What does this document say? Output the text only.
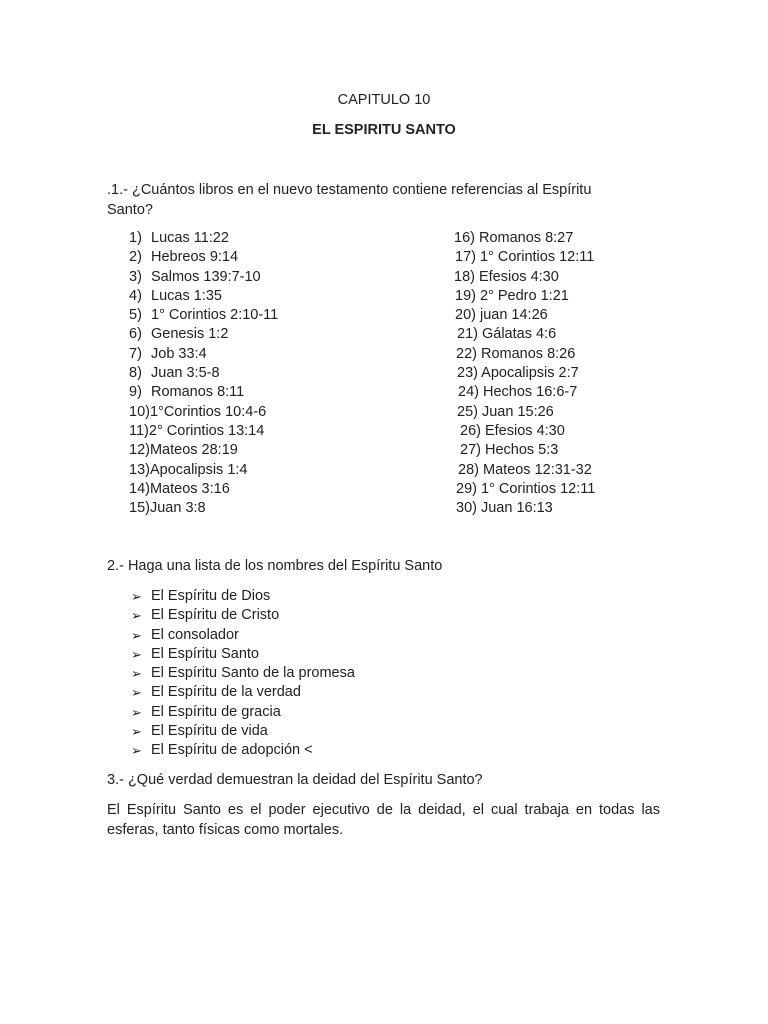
CAPITULO 10
EL ESPIRITU SANTO
.1.- ¿Cuántos libros en el nuevo testamento contiene referencias al Espíritu Santo?
1) Lucas 11:22
2) Hebreos 9:14
3) Salmos 139:7-10
4) Lucas 1:35
5) 1° Corintios 2:10-11
6) Genesis 1:2
7) Job 33:4
8) Juan 3:5-8
9) Romanos 8:11
10)1°Corintios 10:4-6
11)2° Corintios 13:14
12)Mateos 28:19
13)Apocalipsis 1:4
14)Mateos 3:16
15)Juan 3:8
16) Romanos 8:27
17) 1° Corintios 12:11
18) Efesios 4:30
19) 2° Pedro 1:21
20) juan 14:26
21) Gálatas 4:6
22) Romanos 8:26
23) Apocalipsis 2:7
24) Hechos 16:6-7
25) Juan 15:26
26) Efesios 4:30
27) Hechos 5:3
28) Mateos 12:31-32
29) 1° Corintios 12:11
30) Juan 16:13
2.- Haga una lista de los nombres del Espíritu Santo
➢ El Espíritu de Dios
➢ El Espíritu de Cristo
➢ El consolador
➢ El Espíritu Santo
➢ El Espíritu Santo de la promesa
➢ El Espíritu de la verdad
➢ El Espíritu de gracia
➢ El Espíritu de vida
➢ El Espíritu de adopción <
3.- ¿Qué verdad demuestran la deidad del Espíritu Santo?
El Espíritu Santo es el poder ejecutivo de la deidad, el cual trabaja en todas las esferas, tanto físicas como mortales.
